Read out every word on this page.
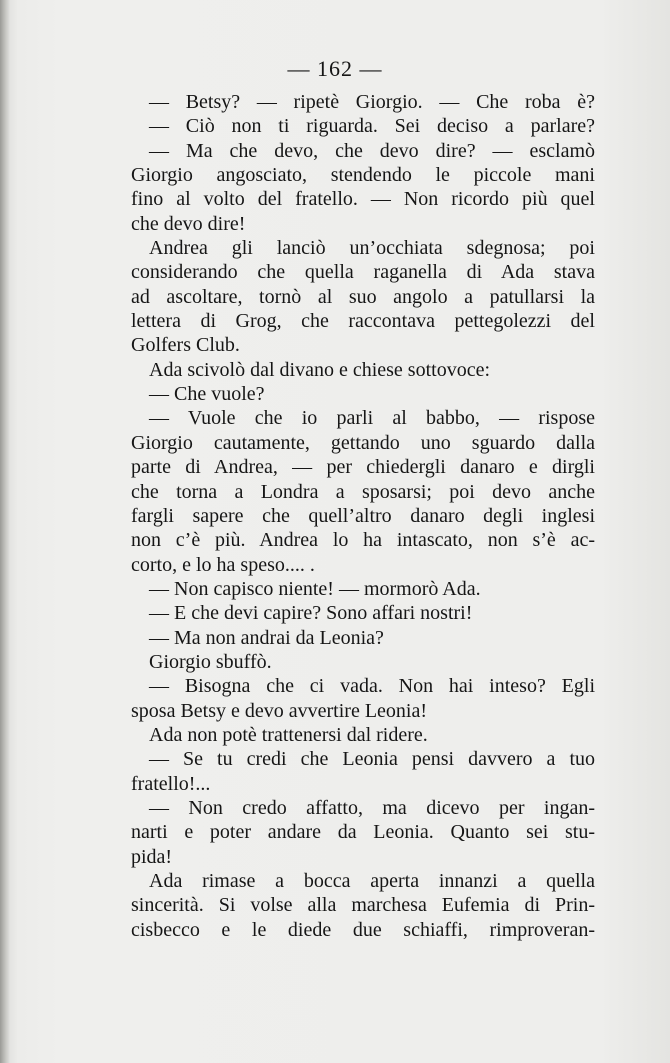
— 162 —
— Betsy? — ripetè Giorgio. — Che roba è?
— Ciò non ti riguarda. Sei deciso a parlare?
— Ma che devo, che devo dire? — esclamò
Giorgio angosciato, stendendo le piccole mani
fino al volto del fratello. — Non ricordo più quel
che devo dire!
Andrea gli lanciò un’occhiata sdegnosa; poi
considerando che quella raganella di Ada stava
ad ascoltare, tornò al suo angolo a patullarsi la
lettera di Grog, che raccontava pettegolezzi del
Golfers Club.
Ada scivolò dal divano e chiese sottovoce:
— Che vuole?
— Vuole che io parli al babbo, — rispose
Giorgio cautamente, gettando uno sguardo dalla
parte di Andrea, — per chiedergli danaro e dirgli
che torna a Londra a sposarsi; poi devo anche
fargli sapere che quell’altro danaro degli inglesi
non c’è più. Andrea lo ha intascato, non s’è ac-
corto, e lo ha speso.... .
— Non capisco niente! — mormorò Ada.
— E che devi capire? Sono affari nostri!
— Ma non andrai da Leonia?
Giorgio sbuffò.
— Bisogna che ci vada. Non hai inteso? Egli
sposa Betsy e devo avvertire Leonia!
Ada non potè trattenersi dal ridere.
— Se tu credi che Leonia pensi davvero a tuo
fratello!...
— Non credo affatto, ma dicevo per ingan-
narti e poter andare da Leonia. Quanto sei stu-
pida!
Ada rimase a bocca aperta innanzi a quella
sincerità. Si volse alla marchesa Eufemia di Prin-
cisbecco e le diede due schiaffi, rimproveran-
